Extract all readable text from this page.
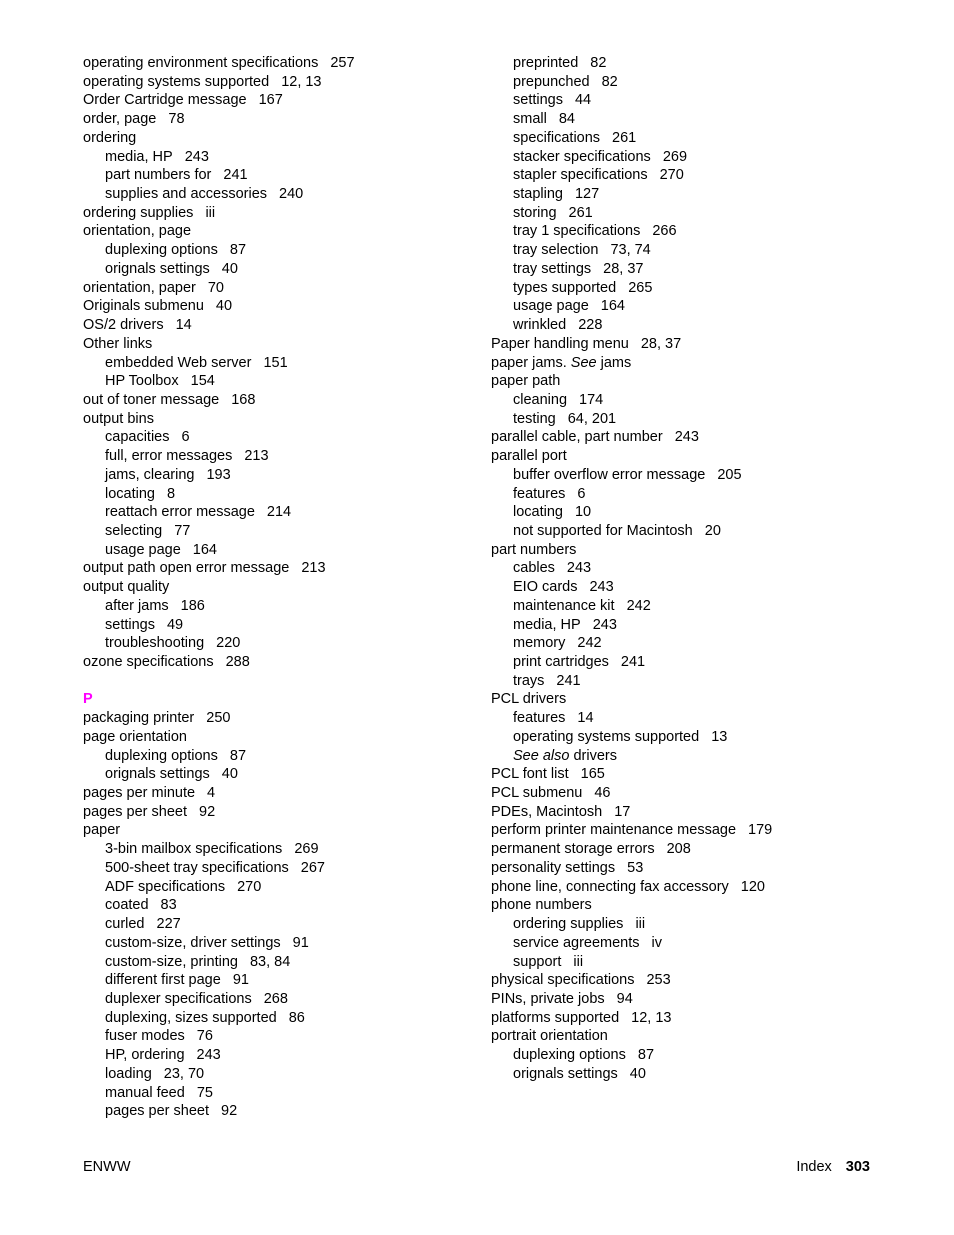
operating environment specifications 257
operating systems supported 12, 13
Order Cartridge message 167
order, page 78
ordering
media, HP 243
part numbers for 241
supplies and accessories 240
ordering supplies iii
orientation, page
duplexing options 87
orignals settings 40
orientation, paper 70
Originals submenu 40
OS/2 drivers 14
Other links
embedded Web server 151
HP Toolbox 154
out of toner message 168
output bins
capacities 6
full, error messages 213
jams, clearing 193
locating 8
reattach error message 214
selecting 77
usage page 164
output path open error message 213
output quality
after jams 186
settings 49
troubleshooting 220
ozone specifications 288
P
packaging printer 250
page orientation
duplexing options 87
orignals settings 40
pages per minute 4
pages per sheet 92
paper
3-bin mailbox specifications 269
500-sheet tray specifications 267
ADF specifications 270
coated 83
curled 227
custom-size, driver settings 91
custom-size, printing 83, 84
different first page 91
duplexer specifications 268
duplexing, sizes supported 86
fuser modes 76
HP, ordering 243
loading 23, 70
manual feed 75
pages per sheet 92
preprinted 82
prepunched 82
settings 44
small 84
specifications 261
stacker specifications 269
stapler specifications 270
stapling 127
storing 261
tray 1 specifications 266
tray selection 73, 74
tray settings 28, 37
types supported 265
usage page 164
wrinkled 228
Paper handling menu 28, 37
paper jams. See jams
paper path
cleaning 174
testing 64, 201
parallel cable, part number 243
parallel port
buffer overflow error message 205
features 6
locating 10
not supported for Macintosh 20
part numbers
cables 243
EIO cards 243
maintenance kit 242
media, HP 243
memory 242
print cartridges 241
trays 241
PCL drivers
features 14
operating systems supported 13
See also drivers
PCL font list 165
PCL submenu 46
PDEs, Macintosh 17
perform printer maintenance message 179
permanent storage errors 208
personality settings 53
phone line, connecting fax accessory 120
phone numbers
ordering supplies iii
service agreements iv
support iii
physical specifications 253
PINs, private jobs 94
platforms supported 12, 13
portrait orientation
duplexing options 87
orignals settings 40
ENWW	Index 303
